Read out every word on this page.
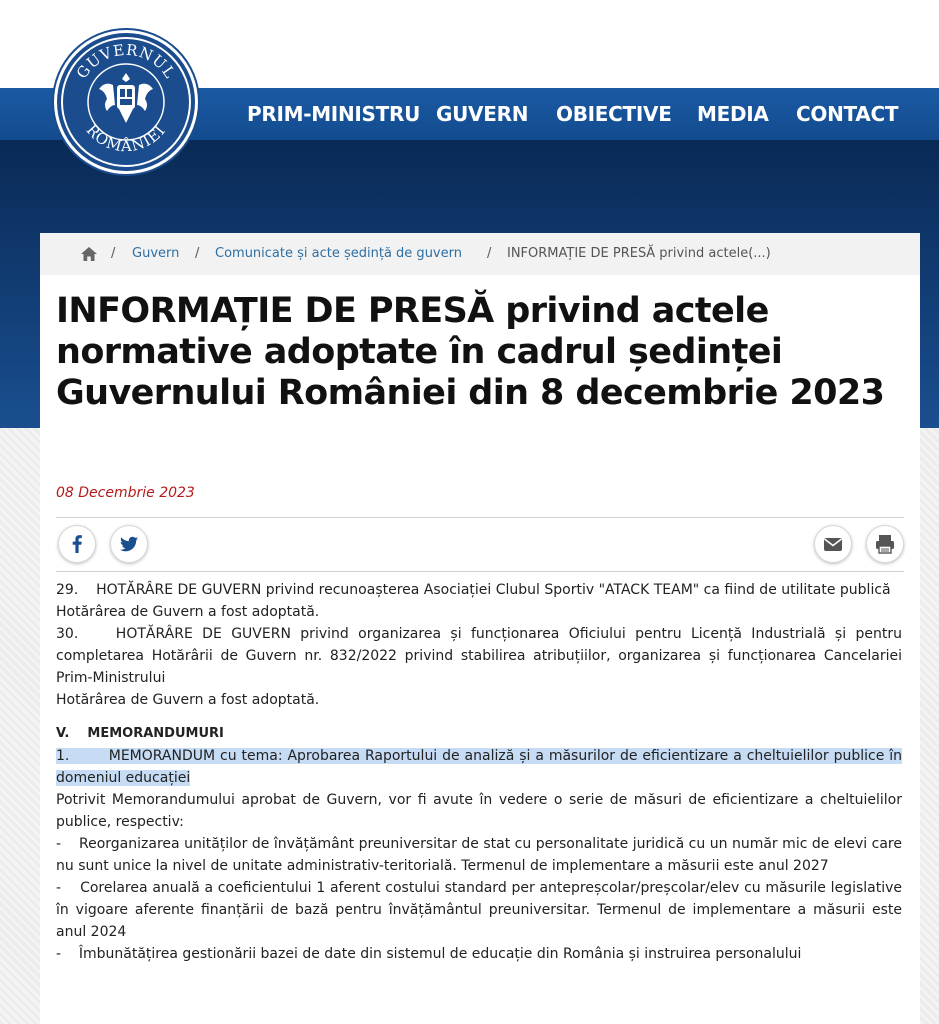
GUVERNUL
ROMÂNIEI
PRIM-MINISTRU GUVERN OBIECTIVE MEDIA CONTACT
/ Guvern / Comunicate și acte ședință de guvern / INFORMAȚIE DE PRESĂ privind actele(...)
INFORMAȚIE DE PRESĂ privind actele normative adoptate în cadrul ședinței Guvernului României din 8 decembrie 2023
08 Decembrie 2023

29.    HOTĂRÂRE DE GUVERN privind recunoașterea Asociației Clubul Sportiv "ATACK TEAM" ca fiind de utilitate publică

Hotărârea de Guvern a fost adoptată.

30.    HOTĂRÂRE DE GUVERN privind organizarea și funcționarea Oficiului pentru Licență Industrială și pentru completarea Hotărârii de Guvern nr. 832/2022 privind stabilirea atribuțiilor, organizarea și funcționarea Cancelariei Prim-Ministrului

Hotărârea de Guvern a fost adoptată.

V.    MEMORANDUMURI

1.        MEMORANDUM cu tema: Aprobarea Raportului de analiză și a măsurilor de eficientizare a cheltuielilor publice în domeniul educației

Potrivit Memorandumului aprobat de Guvern, vor fi avute în vedere o serie de măsuri de eficientizare a cheltuielilor publice, respectiv:

-    Reorganizarea unităților de învățământ preuniversitar de stat cu personalitate juridică cu un număr mic de elevi care nu sunt unice la nivel de unitate administrativ-teritorială. Termenul de implementare a măsurii este anul 2027

-    Corelarea anuală a coeficientului 1 aferent costului standard per antepreșcolar/preșcolar/elev cu măsurile legislative în vigoare aferente finanțării de bază pentru învățământul preuniversitar. Termenul de implementare a măsurii este anul 2024

-    Îmbunătățirea gestionării bazei de date din sistemul de educație din România și instruirea personalului
